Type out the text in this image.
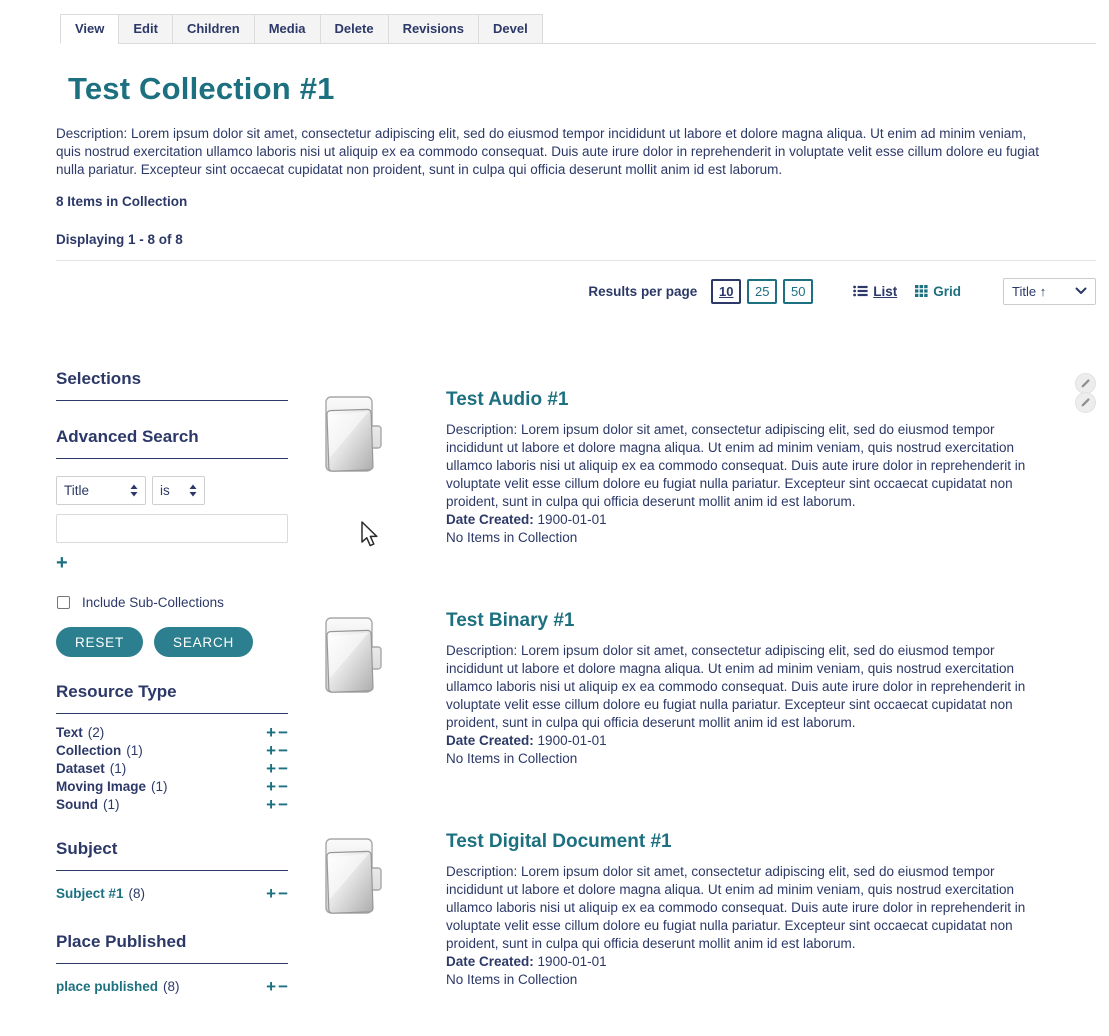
View	Edit	Children	Media	Delete	Revisions	Devel
Test Collection #1

Description: Lorem ipsum dolor sit amet, consectetur adipiscing elit, sed do eiusmod tempor incididunt ut labore et dolore magna aliqua. Ut enim ad minim veniam, quis nostrud exercitation ullamco laboris nisi ut aliquip ex ea commodo consequat. Duis aute irure dolor in reprehenderit in voluptate velit esse cillum dolore eu fugiat nulla pariatur. Excepteur sint occaecat cupidatat non proident, sunt in culpa qui officia deserunt mollit anim id est laborum.

8 Items in Collection

Displaying 1 - 8 of 8

Results per page	10	25	50	List	Grid	Title ↑
Selections
Advanced Search
Title	is
+
Include Sub-Collections
RESET	SEARCH
Resource Type
Text (2)	+ −
Collection (1)	+ −
Dataset (1)	+ −
Moving Image (1)	+ −
Sound (1)	+ −
Subject
Subject #1 (8)	+ −
Place Published
place published (8)	+ −
Test Audio #1

Description: Lorem ipsum dolor sit amet, consectetur adipiscing elit, sed do eiusmod tempor incididunt ut labore et dolore magna aliqua. Ut enim ad minim veniam, quis nostrud exercitation ullamco laboris nisi ut aliquip ex ea commodo consequat. Duis aute irure dolor in reprehenderit in voluptate velit esse cillum dolore eu fugiat nulla pariatur. Excepteur sint occaecat cupidatat non proident, sunt in culpa qui officia deserunt mollit anim id est laborum.

Date Created: 1900-01-01

No Items in Collection

Test Binary #1

Description: Lorem ipsum dolor sit amet, consectetur adipiscing elit, sed do eiusmod tempor incididunt ut labore et dolore magna aliqua. Ut enim ad minim veniam, quis nostrud exercitation ullamco laboris nisi ut aliquip ex ea commodo consequat. Duis aute irure dolor in reprehenderit in voluptate velit esse cillum dolore eu fugiat nulla pariatur. Excepteur sint occaecat cupidatat non proident, sunt in culpa qui officia deserunt mollit anim id est laborum.

Date Created: 1900-01-01

No Items in Collection

Test Digital Document #1

Description: Lorem ipsum dolor sit amet, consectetur adipiscing elit, sed do eiusmod tempor incididunt ut labore et dolore magna aliqua. Ut enim ad minim veniam, quis nostrud exercitation ullamco laboris nisi ut aliquip ex ea commodo consequat. Duis aute irure dolor in reprehenderit in voluptate velit esse cillum dolore eu fugiat nulla pariatur. Excepteur sint occaecat cupidatat non proident, sunt in culpa qui officia deserunt mollit anim id est laborum.

Date Created: 1900-01-01

No Items in Collection
